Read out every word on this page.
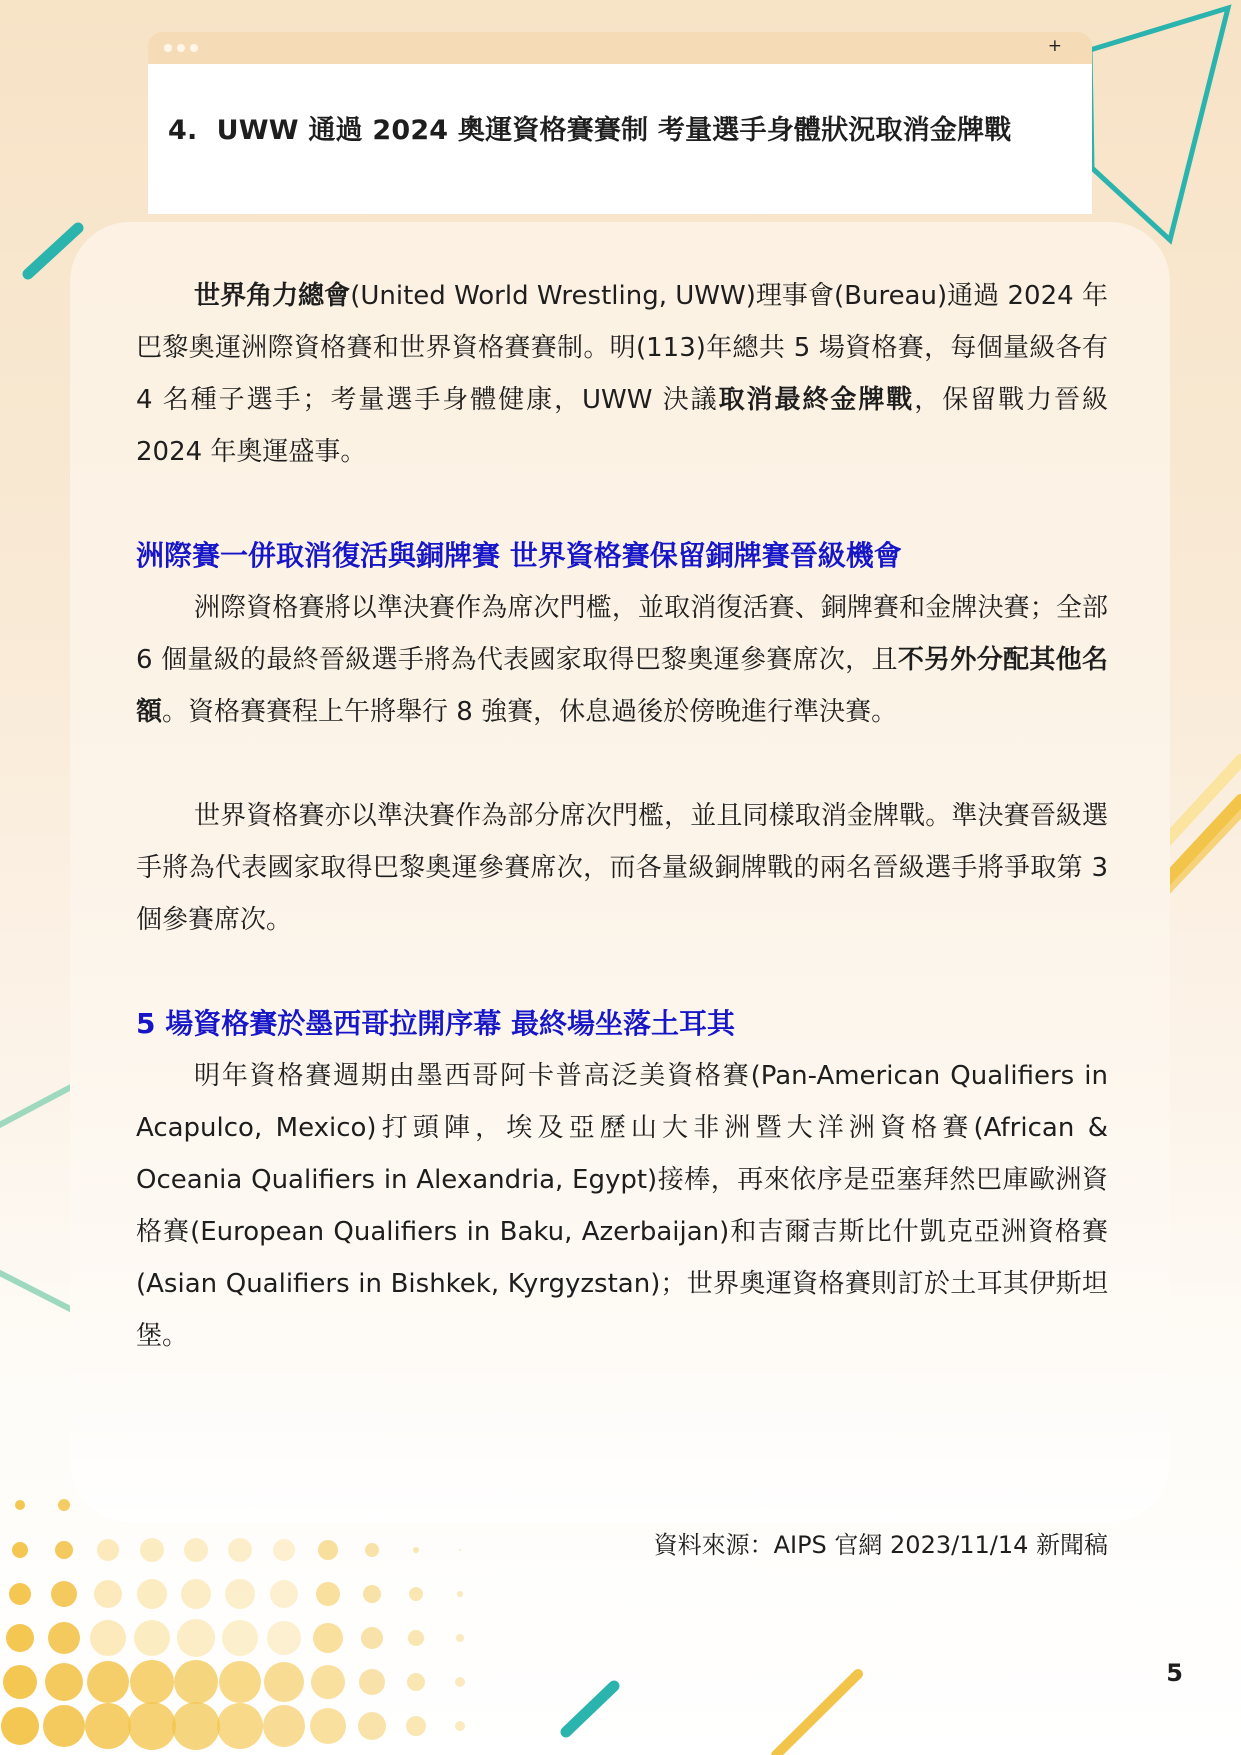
+
4. UWW 通過 2024 奧運資格賽賽制 考量選手身體狀況取消金牌戰

世界角力總會(United World Wrestling, UWW)理事會(Bureau)通過 2024 年巴黎奧運洲際資格賽和世界資格賽賽制。明(113)年總共 5 場資格賽，每個量級各有 4 名種子選手；考量選手身體健康，UWW 決議取消最終金牌戰，保留戰力晉級 2024 年奧運盛事。

洲際賽一併取消復活與銅牌賽 世界資格賽保留銅牌賽晉級機會

洲際資格賽將以準決賽作為席次門檻，並取消復活賽、銅牌賽和金牌決賽；全部 6 個量級的最終晉級選手將為代表國家取得巴黎奧運參賽席次，且不另外分配其他名額。資格賽賽程上午將舉行 8 強賽，休息過後於傍晚進行準決賽。

世界資格賽亦以準決賽作為部分席次門檻，並且同樣取消金牌戰。準決賽晉級選手將為代表國家取得巴黎奧運參賽席次，而各量級銅牌戰的兩名晉級選手將爭取第 3 個參賽席次。

5 場資格賽於墨西哥拉開序幕 最終場坐落土耳其

明年資格賽週期由墨西哥阿卡普高泛美資格賽(Pan-American Qualifiers in Acapulco, Mexico)打頭陣，埃及亞歷山大非洲暨大洋洲資格賽(African & Oceania Qualifiers in Alexandria, Egypt)接棒，再來依序是亞塞拜然巴庫歐洲資格賽(European Qualifiers in Baku, Azerbaijan)和吉爾吉斯比什凱克亞洲資格賽(Asian Qualifiers in Bishkek, Kyrgyzstan)；世界奧運資格賽則訂於土耳其伊斯坦堡。

資料來源：AIPS 官網 2023/11/14 新聞稿
5
